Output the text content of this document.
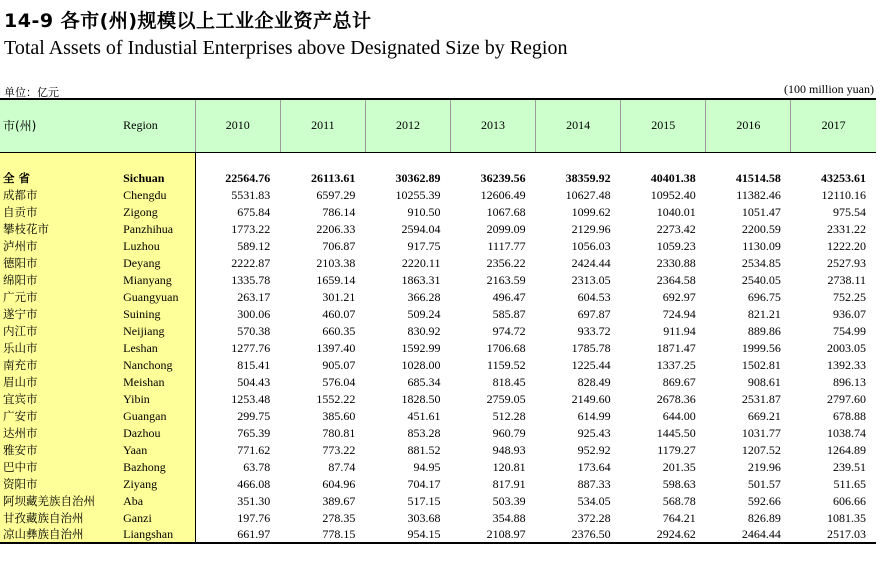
14-9 各市(州)规模以上工业企业资产总计
Total Assets of Industial Enterprises above Designated Size by Region
单位：亿元	(100 million yuan)
市(州)	Region	2010	2011	2012	2013	2014	2015	2016	2017

全 省	Sichuan	22564.76	26113.61	30362.89	36239.56	38359.92	40401.38	41514.58	43253.61
成都市	Chengdu	5531.83	6597.29	10255.39	12606.49	10627.48	10952.40	11382.46	12110.16
自贡市	Zigong	675.84	786.14	910.50	1067.68	1099.62	1040.01	1051.47	975.54
攀枝花市	Panzhihua	1773.22	2206.33	2594.04	2099.09	2129.96	2273.42	2200.59	2331.22
泸州市	Luzhou	589.12	706.87	917.75	1117.77	1056.03	1059.23	1130.09	1222.20
德阳市	Deyang	2222.87	2103.38	2220.11	2356.22	2424.44	2330.88	2534.85	2527.93
绵阳市	Mianyang	1335.78	1659.14	1863.31	2163.59	2313.05	2364.58	2540.05	2738.11
广元市	Guangyuan	263.17	301.21	366.28	496.47	604.53	692.97	696.75	752.25
遂宁市	Suining	300.06	460.07	509.24	585.87	697.87	724.94	821.21	936.07
内江市	Neijiang	570.38	660.35	830.92	974.72	933.72	911.94	889.86	754.99
乐山市	Leshan	1277.76	1397.40	1592.99	1706.68	1785.78	1871.47	1999.56	2003.05
南充市	Nanchong	815.41	905.07	1028.00	1159.52	1225.44	1337.25	1502.81	1392.33
眉山市	Meishan	504.43	576.04	685.34	818.45	828.49	869.67	908.61	896.13
宜宾市	Yibin	1253.48	1552.22	1828.50	2759.05	2149.60	2678.36	2531.87	2797.60
广安市	Guangan	299.75	385.60	451.61	512.28	614.99	644.00	669.21	678.88
达州市	Dazhou	765.39	780.81	853.28	960.79	925.43	1445.50	1031.77	1038.74
雅安市	Yaan	771.62	773.22	881.52	948.93	952.92	1179.27	1207.52	1264.89
巴中市	Bazhong	63.78	87.74	94.95	120.81	173.64	201.35	219.96	239.51
资阳市	Ziyang	466.08	604.96	704.17	817.91	887.33	598.63	501.57	511.65
阿坝藏羌族自治州	Aba	351.30	389.67	517.15	503.39	534.05	568.78	592.66	606.66
甘孜藏族自治州	Ganzi	197.76	278.35	303.68	354.88	372.28	764.21	826.89	1081.35
凉山彝族自治州	Liangshan	661.97	778.15	954.15	2108.97	2376.50	2924.62	2464.44	2517.03
